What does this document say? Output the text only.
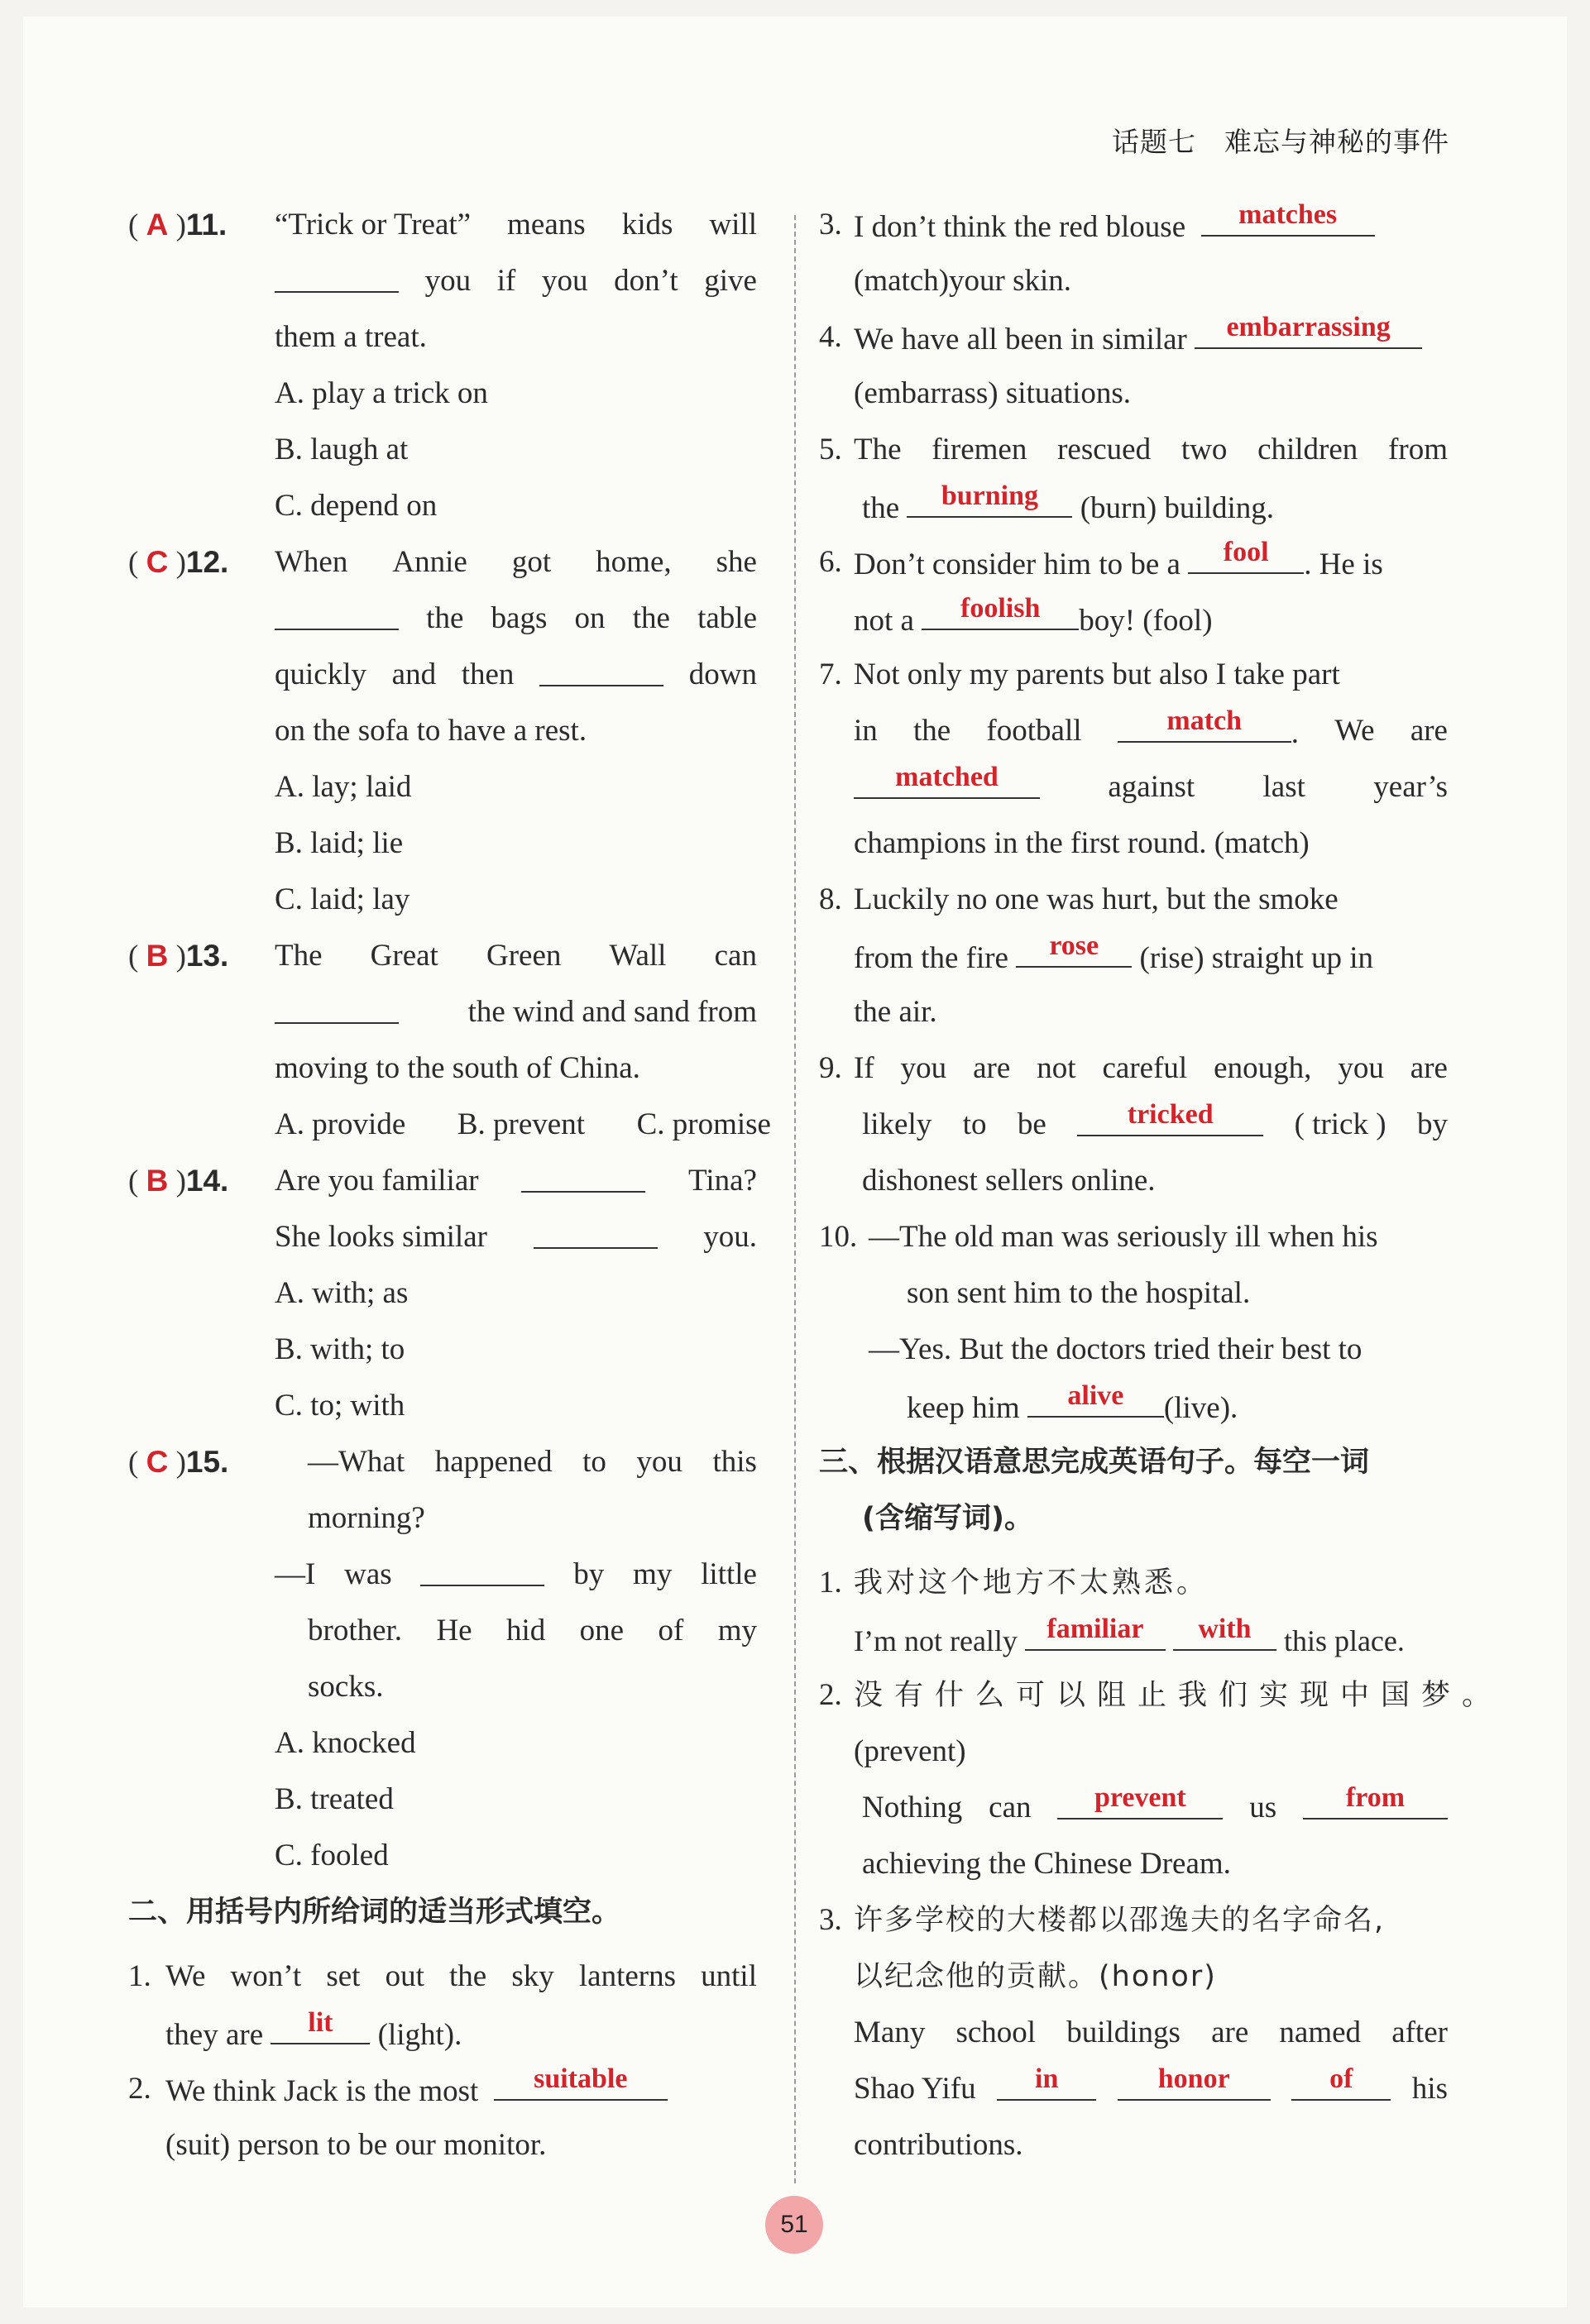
话题七 难忘与神秘的事件
( A )11.	“Trick or Treat” means kids will
you if you don’t give
them a treat.
A. play a trick on
B. laugh at
C. depend on
( C )12. When Annie got home, she
the bags on the table
quickly and then	down
on the sofa to have a rest.
A. lay; laid
B. laid; lie
C. laid; lay
( B )13. The Great Green Wall can
the wind and sand from
moving to the south of China.
A. provide B. prevent C. promise
( B )14. Are you familiar	Tina?
She looks similar	you.
A. with; as
B. with; to
C. to; with
( C )15.	—What happened to you this
morning?
—I was	by my little
brother. He hid one of my
socks.
A. knocked
B. treated
C. fooled
二、用括号内所给词的适当形式填空。
1. We won’t set out the sky lanterns until
they are	lit	(light).
2. We think Jack is the most	suitable
(suit) person to be our monitor.
3. I don’t think the red blouse	matches
(match)your skin.
4. We have all been in similar	embarrassing
(embarrass) situations.
5. The firemen rescued two children from
the	burning	(burn) building.
6. Don’t consider him to be a	fool	. He is
not a	foolish	boy! (fool)
7. Not only my parents but also I take part
in the football	match	. We are
matched	against last year’s
champions in the first round. (match)
8. Luckily no one was hurt, but the smoke
from the fire	rose	(rise) straight up in
the air.
9. If you are not careful enough, you are
likely to be	tricked	( trick ) by
dishonest sellers online.
10. —The old man was seriously ill when his
son sent him to the hospital.
—Yes. But the doctors tried their best to
keep him	alive	(live).
三、根据汉语意思完成英语句子。每空一词
(含缩写词)。
1. 我对这个地方不太熟悉。
I’m not really	familiar
	with	this place.
2. 没有什么可以阻止我们实现中国梦。
(prevent)
Nothing can	prevent	us	from
achieving the Chinese Dream.
3. 许多学校的大楼都以邵逸夫的名字命名,
以纪念他的贡献。(honor)
Many school buildings are named after
Shao Yifu	in	honor	of	his
contributions.
51
